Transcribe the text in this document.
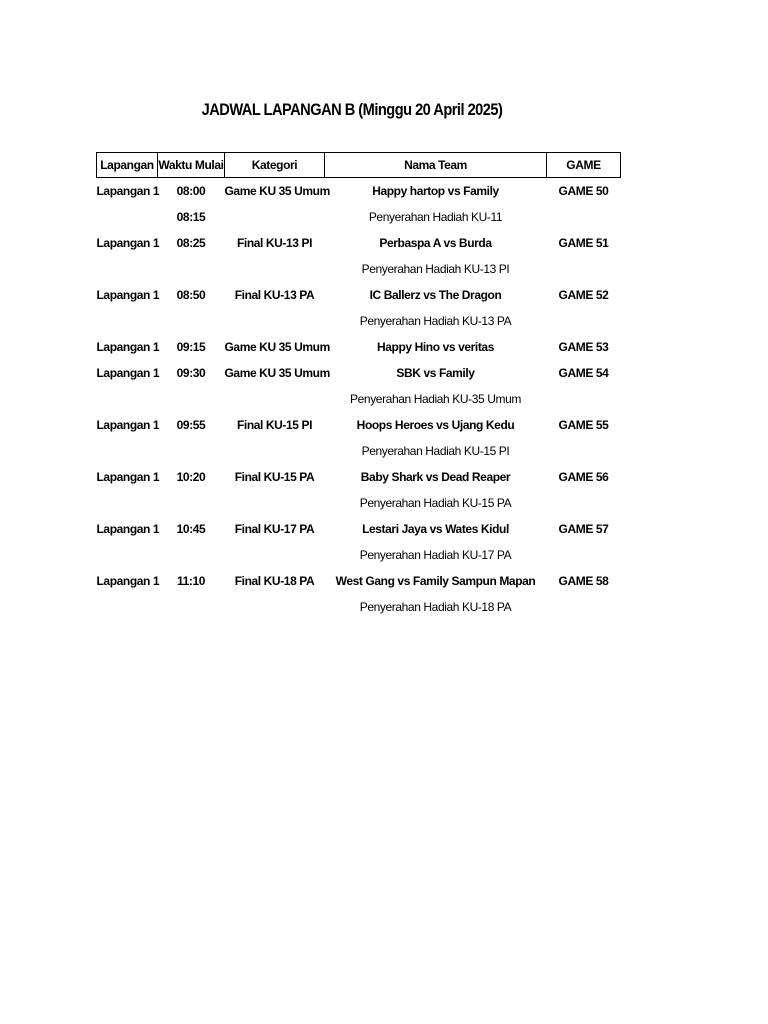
JADWAL LAPANGAN B (Minggu 20 April 2025)
Lapangan	Waktu Mulai	Kategori	Nama Team	GAME
Lapangan 1	08:00	Game KU 35 Umum	Happy hartop vs Family	GAME 50
	08:15		Penyerahan Hadiah KU-11	
Lapangan 1	08:25	Final KU-13 PI	Perbaspa A vs Burda	GAME 51
			Penyerahan Hadiah KU-13 PI	
Lapangan 1	08:50	Final KU-13 PA	IC Ballerz vs The Dragon	GAME 52
			Penyerahan Hadiah KU-13 PA	
Lapangan 1	09:15	Game KU 35 Umum	Happy Hino vs veritas	GAME 53
Lapangan 1	09:30	Game KU 35 Umum	SBK vs Family	GAME 54
			Penyerahan Hadiah KU-35 Umum	
Lapangan 1	09:55	Final KU-15 PI	Hoops Heroes vs Ujang Kedu	GAME 55
			Penyerahan Hadiah KU-15 PI	
Lapangan 1	10:20	Final KU-15 PA	Baby Shark vs Dead Reaper	GAME 56
			Penyerahan Hadiah KU-15 PA	
Lapangan 1	10:45	Final KU-17 PA	Lestari Jaya vs Wates Kidul	GAME 57
			Penyerahan Hadiah KU-17 PA	
Lapangan 1	11:10	Final KU-18 PA	West Gang vs Family Sampun Mapan	GAME 58
			Penyerahan Hadiah KU-18 PA	
